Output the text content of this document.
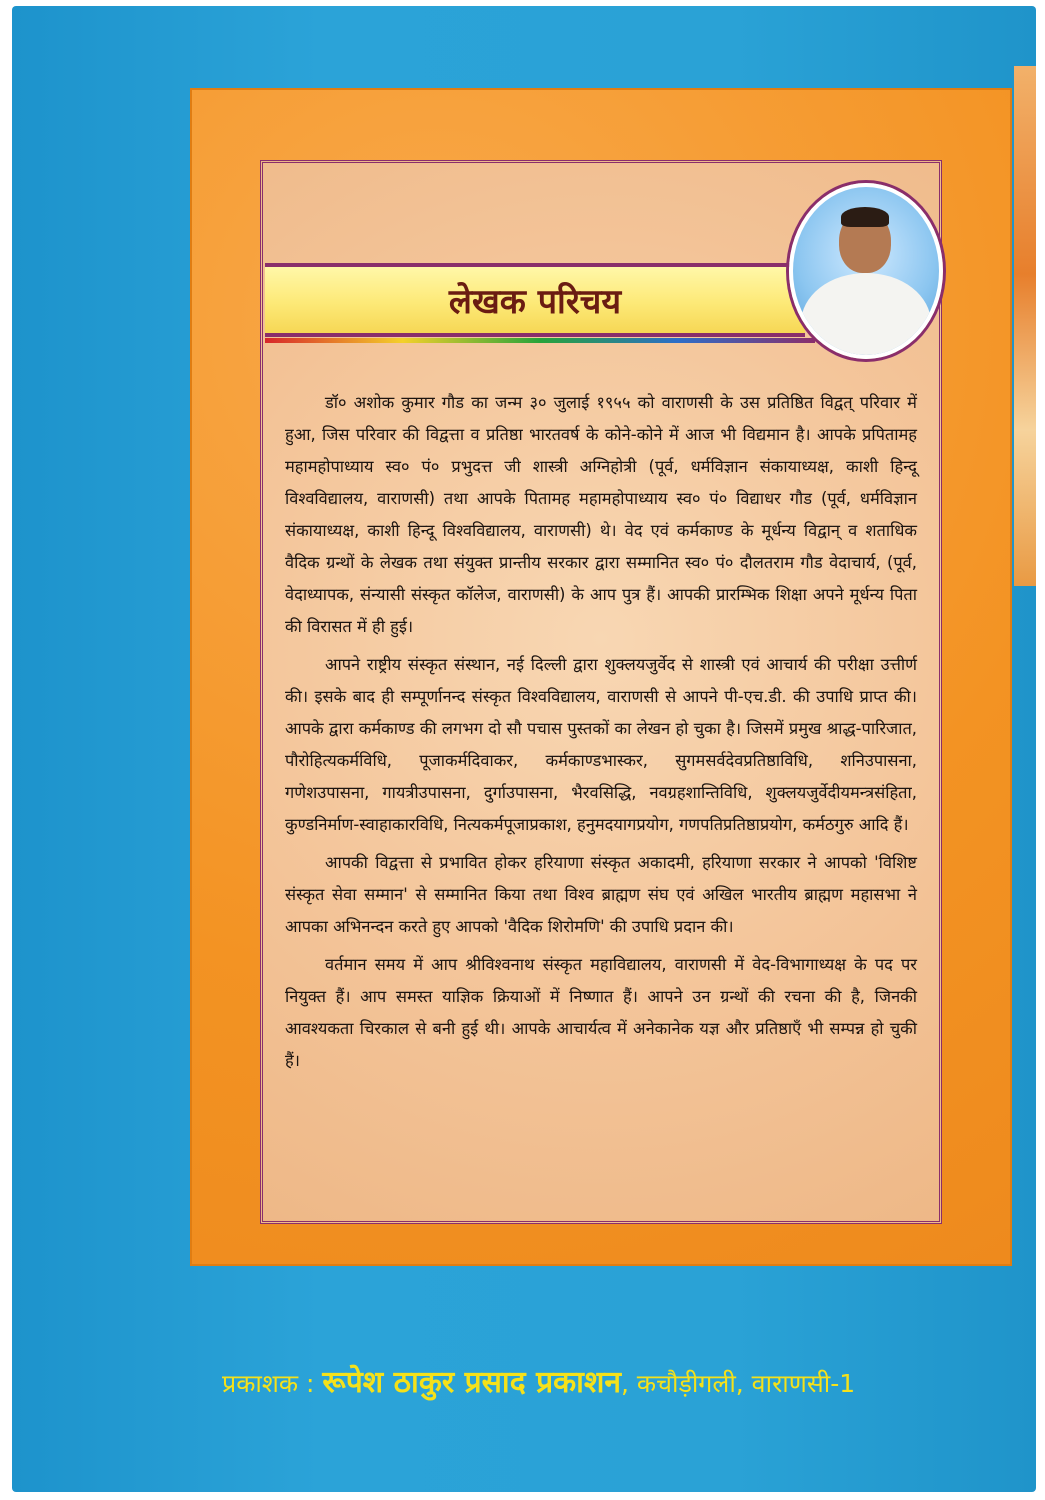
लेखक परिचय

डॉ० अशोक कुमार गौड का जन्म ३० जुलाई १९५५ को वाराणसी के उस प्रतिष्ठित विद्वत् परिवार में हुआ, जिस परिवार की विद्वत्ता व प्रतिष्ठा भारतवर्ष के कोने-कोने में आज भी विद्यमान है। आपके प्रपितामह महामहोपाध्याय स्व० पं० प्रभुदत्त जी शास्त्री अग्निहोत्री (पूर्व, धर्मविज्ञान संकायाध्यक्ष, काशी हिन्दू विश्वविद्यालय, वाराणसी) तथा आपके पितामह महामहोपाध्याय स्व० पं० विद्याधर गौड (पूर्व, धर्मविज्ञान संकायाध्यक्ष, काशी हिन्दू विश्वविद्यालय, वाराणसी) थे। वेद एवं कर्मकाण्ड के मूर्धन्य विद्वान् व शताधिक वैदिक ग्रन्थों के लेखक तथा संयुक्त प्रान्तीय सरकार द्वारा सम्मानित स्व० पं० दौलतराम गौड वेदाचार्य, (पूर्व, वेदाध्यापक, संन्यासी संस्कृत कॉलेज, वाराणसी) के आप पुत्र हैं। आपकी प्रारम्भिक शिक्षा अपने मूर्धन्य पिता की विरासत में ही हुई।

आपने राष्ट्रीय संस्कृत संस्थान, नई दिल्ली द्वारा शुक्लयजुर्वेद से शास्त्री एवं आचार्य की परीक्षा उत्तीर्ण की। इसके बाद ही सम्पूर्णानन्द संस्कृत विश्वविद्यालय, वाराणसी से आपने पी-एच.डी. की उपाधि प्राप्त की। आपके द्वारा कर्मकाण्ड की लगभग दो सौ पचास पुस्तकों का लेखन हो चुका है। जिसमें प्रमुख श्राद्ध-पारिजात, पौरोहित्यकर्मविधि, पूजाकर्मदिवाकर, कर्मकाण्डभास्कर, सुगमसर्वदेवप्रतिष्ठाविधि, शनिउपासना, गणेशउपासना, गायत्रीउपासना, दुर्गाउपासना, भैरवसिद्धि, नवग्रहशान्तिविधि, शुक्लयजुर्वेदीयमन्त्रसंहिता, कुण्डनिर्माण-स्वाहाकारविधि, नित्यकर्मपूजाप्रकाश, हनुमदयागप्रयोग, गणपतिप्रतिष्ठाप्रयोग, कर्मठगुरु आदि हैं।

आपकी विद्वत्ता से प्रभावित होकर हरियाणा संस्कृत अकादमी, हरियाणा सरकार ने आपको 'विशिष्ट संस्कृत सेवा सम्मान' से सम्मानित किया तथा विश्व ब्राह्मण संघ एवं अखिल भारतीय ब्राह्मण महासभा ने आपका अभिनन्दन करते हुए आपको 'वैदिक शिरोमणि' की उपाधि प्रदान की।

वर्तमान समय में आप श्रीविश्वनाथ संस्कृत महाविद्यालय, वाराणसी में वेद-विभागाध्यक्ष के पद पर नियुक्त हैं। आप समस्त याज्ञिक क्रियाओं में निष्णात हैं। आपने उन ग्रन्थों की रचना की है, जिनकी आवश्यकता चिरकाल से बनी हुई थी। आपके आचार्यत्व में अनेकानेक यज्ञ और प्रतिष्ठाएँ भी सम्पन्न हो चुकी हैं।

प्रकाशक : रूपेश ठाकुर प्रसाद प्रकाशन, कचौड़ीगली, वाराणसी-1
